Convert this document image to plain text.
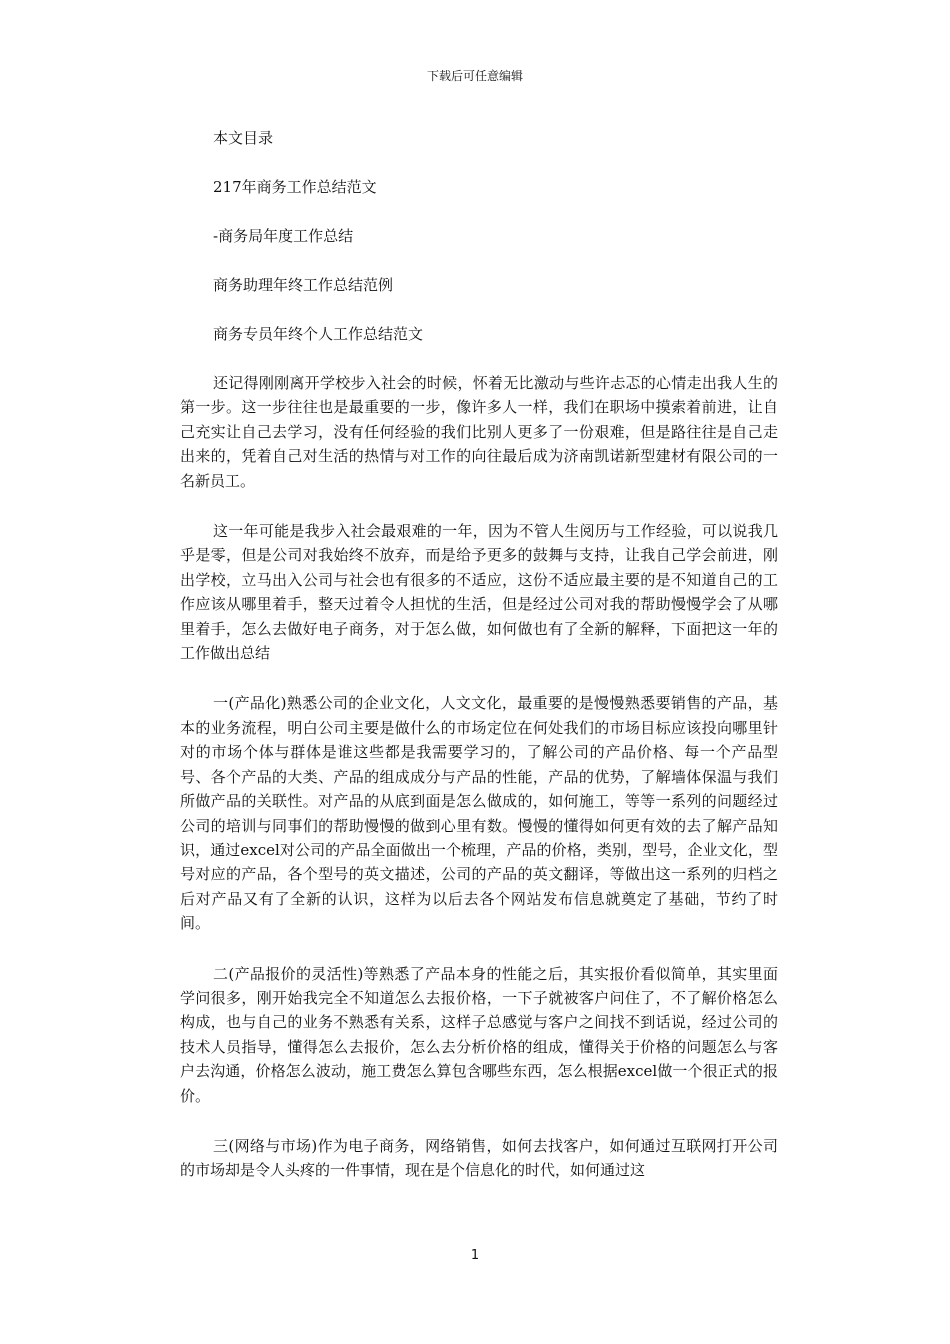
下载后可任意编辑

本文目录

217年商务工作总结范文

-商务局年度工作总结

商务助理年终工作总结范例

商务专员年终个人工作总结范文

还记得刚刚离开学校步入社会的时候，怀着无比激动与些许忐忑的心情走出我人生的第一步。这一步往往也是最重要的一步，像许多人一样，我们在职场中摸索着前进，让自己充实让自己去学习，没有任何经验的我们比别人更多了一份艰难，但是路往往是自己走出来的，凭着自己对生活的热情与对工作的向往最后成为济南凯诺新型建材有限公司的一名新员工。

这一年可能是我步入社会最艰难的一年，因为不管人生阅历与工作经验，可以说我几乎是零，但是公司对我始终不放弃，而是给予更多的鼓舞与支持，让我自己学会前进，刚出学校，立马出入公司与社会也有很多的不适应，这份不适应最主要的是不知道自己的工作应该从哪里着手，整天过着令人担忧的生活，但是经过公司对我的帮助慢慢学会了从哪里着手，怎么去做好电子商务，对于怎么做，如何做也有了全新的解释，下面把这一年的工作做出总结

一(产品化)熟悉公司的企业文化，人文文化，最重要的是慢慢熟悉要销售的产品，基本的业务流程，明白公司主要是做什么的市场定位在何处我们的市场目标应该投向哪里针对的市场个体与群体是谁这些都是我需要学习的，了解公司的产品价格、每一个产品型号、各个产品的大类、产品的组成成分与产品的性能，产品的优势，了解墙体保温与我们所做产品的关联性。对产品的从底到面是怎么做成的，如何施工，等等一系列的问题经过公司的培训与同事们的帮助慢慢的做到心里有数。慢慢的懂得如何更有效的去了解产品知识，通过excel对公司的产品全面做出一个梳理，产品的价格，类别，型号，企业文化，型号对应的产品，各个型号的英文描述，公司的产品的英文翻译，等做出这一系列的归档之后对产品又有了全新的认识，这样为以后去各个网站发布信息就奠定了基础，节约了时间。

二(产品报价的灵活性)等熟悉了产品本身的性能之后，其实报价看似简单，其实里面学问很多，刚开始我完全不知道怎么去报价格，一下子就被客户问住了，不了解价格怎么构成，也与自己的业务不熟悉有关系，这样子总感觉与客户之间找不到话说，经过公司的技术人员指导，懂得怎么去报价，怎么去分析价格的组成，懂得关于价格的问题怎么与客户去沟通，价格怎么波动，施工费怎么算包含哪些东西，怎么根据excel做一个很正式的报价。

三(网络与市场)作为电子商务，网络销售，如何去找客户，如何通过互联网打开公司的市场却是令人头疼的一件事情，现在是个信息化的时代，如何通过这

1
